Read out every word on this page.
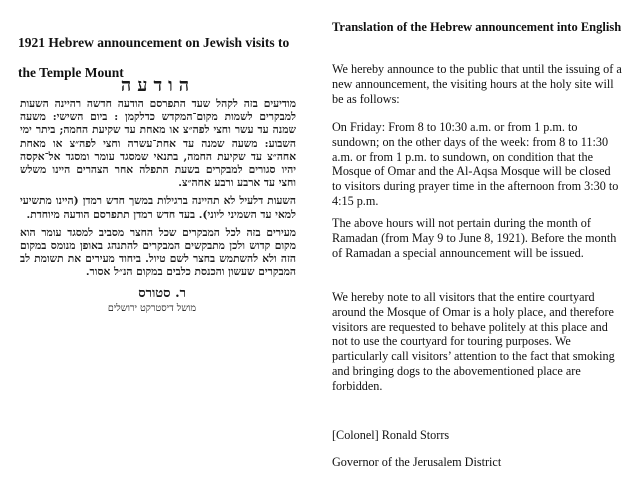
1921 Hebrew announcement on Jewish visits to the Temple Mount
הודעה

מודיעים בזה לקהל שעד התפרסם הודעה חדשה רהיינה השעות למבקרים לשמות מקום־המקדש כדלקמן : ביום השישי: משעה שמנה עד עשר וחצי לפה״צ או מאחת עד שקיעת החמה; ביתר ימי השבוע: משעה שמנה עד אחת־עשרה וחצי לפה״צ או מאחת אחה״צ עד שקיעת החמה, בתנאי שמסגד עומר ומסגד אל־אקסה יהיו סגורים למבקרים בשעת התפלה אחר הצהרים היינו משלש וחצי עד ארבע ורבע אחה״צ.

השעות דלעיל לא תהיינה ברגילות במשך חדש רמדן (היינו מתשיעי למאי עד השמיני ליוני). בעד חדש רמדן תתפרסם הודעה מיוחדת.

מעירים בזה לכל המבקרים שכל החצר מסביב למסגד עומר הוא מקום קדוש ולכן מתבקשים המבקרים להתנהג באופן מנומס במקום הזה ולא להשתמש בחצר לשם טיול. ביחוד מעירים את תשומת לב המבקרים שעשון והכנסת כלבים במקום הנ״ל אסור.

ר. סטורס
מושל דיסטרקט ירושלים
Translation of the Hebrew announcement into English

We hereby announce to the public that until the issuing of a new announcement, the visiting hours at the holy site will be as follows:

On Friday: From 8 to 10:30 a.m. or from 1 p.m. to sundown; on the other days of the week: from 8 to 11:30 a.m. or from 1 p.m. to sundown, on condition that the Mosque of Omar and the Al-Aqsa Mosque will be closed to visitors during prayer time in the afternoon from 3:30 to 4:15 p.m.

The above hours will not pertain during the month of Ramadan (from May 9 to June 8, 1921). Before the month of Ramadan a special announcement will be issued.

We hereby note to all visitors that the entire courtyard around the Mosque of Omar is a holy place, and therefore visitors are requested to behave politely at this place and not to use the courtyard for touring purposes. We particularly call visitors’ attention to the fact that smoking and bringing dogs to the abovementioned place are forbidden.

[Colonel] Ronald Storrs

Governor of the Jerusalem District
